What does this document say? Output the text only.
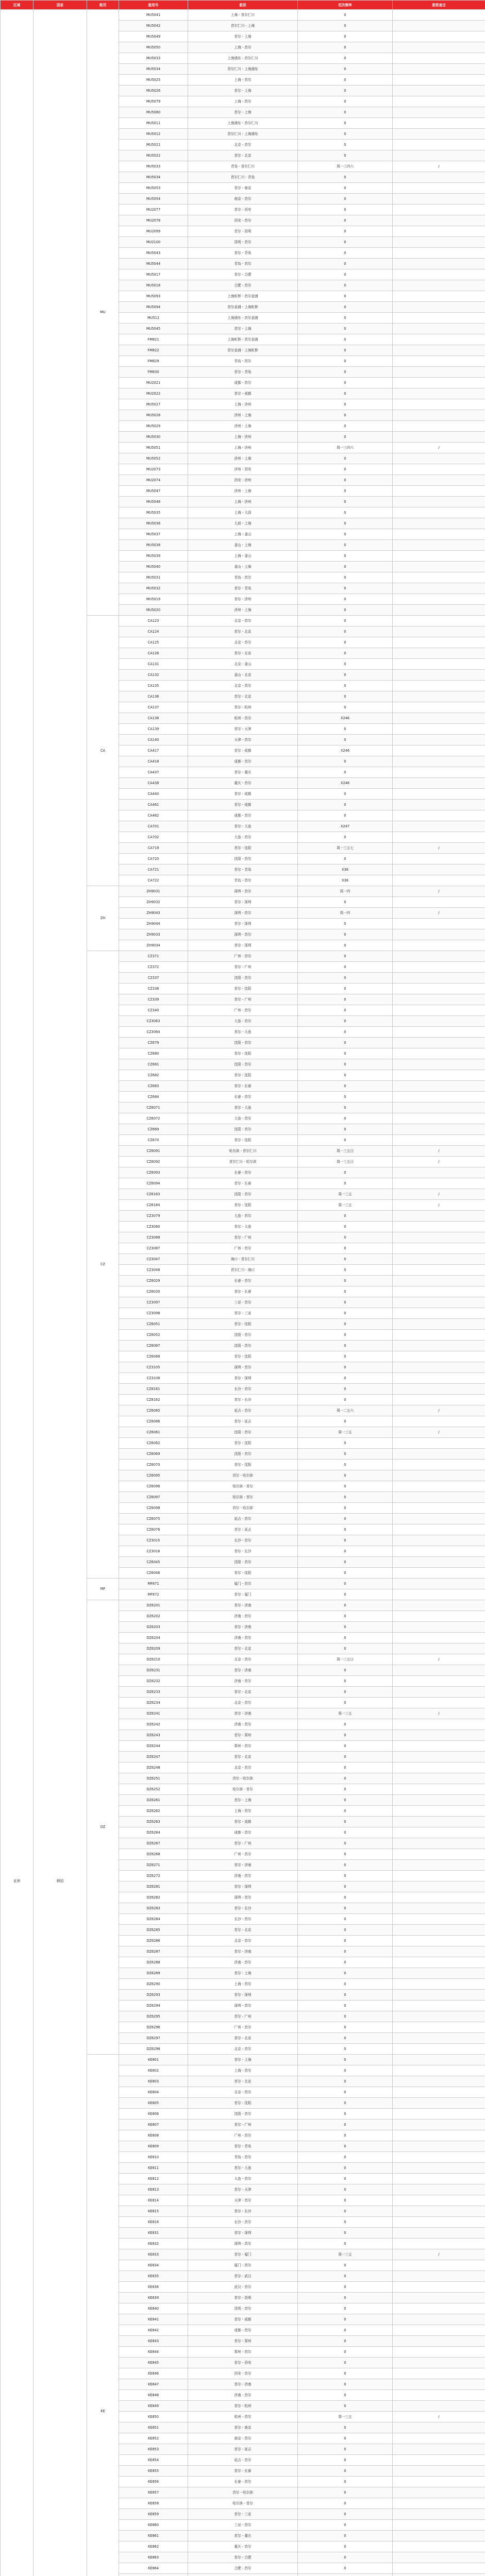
区域	国家	航司	航班号	航段	班次频率	航班备注
亚洲	韩国	MU	MU5041	上海 - 首尔仁川	0	
			MU5042	首尔仁川 - 上海	0	
			MU5049	首尔 - 上海	0	
			MU5050	上海 - 首尔	0	
			MU5033	上海浦东 - 首尔仁川	0	
			MU5034	首尔仁川 - 上海浦东	0	
			MU5025	上海 - 首尔	0	
			MU5026	首尔 - 上海	0	
			MU5079	上海 - 首尔	0	
			MU5080	首尔 - 上海	0	
			MU5011	上海浦东 - 首尔仁川	0	
			MU5012	首尔仁川 - 上海浦东	0	
			MU5021	北京 - 首尔	0	
			MU5022	首尔 - 北京	0	
			MU5033	青岛 - 首尔仁川	周一三四六	/
			MU5034	首尔仁川 - 青岛	0	
			MU5053	首尔 - 南京	0	
			MU5054	南京 - 首尔	0	
			MU2077	首尔 - 西安	0	
			MU2078	西安 - 首尔	0	
			MU2099	首尔 - 昆明	0	
			MU2100	昆明 - 首尔	0	
			MU5043	首尔 - 青岛	0	
			MU5044	青岛 - 首尔	0	
			MU5017	首尔 - 合肥	0	
			MU5018	合肥 - 首尔	0	
			MU5093	上海虹桥 - 首尔金浦	0	
			MU5094	首尔金浦 - 上海虹桥	0	
			MU512	上海浦东 - 首尔金浦	0	
			MU5045	首尔 - 上海	0	
			FM821	上海虹桥 - 首尔金浦	0	
			FM822	首尔金浦 - 上海虹桥	0	
			FM829	青岛 - 首尔	0	
			FM830	首尔 - 青岛	0	
			MU2021	成都 - 首尔	0	
			MU2022	首尔 - 成都	0	
			MU5027	上海 - 济州	0	
			MU5028	济州 - 上海	0	
			MU5029	济州 - 上海	0	
			MU5030	上海 - 济州	0	
			MU5051	上海 - 济州	周一三四六	/
			MU5052	济州 - 上海	0	
			MU2073	济州 - 西安	0	
			MU2074	西安 - 济州	0	
			MU5047	济州 - 上海	0	
			MU5048	上海 - 济州	0	
			MU5035	上海 - 大邱	0	
			MU5036	大邱 - 上海	0	
			MU5037	上海 - 釜山	0	
			MU5038	釜山 - 上海	0	
			MU5039	上海 - 釜山	0	
			MU5040	釜山 - 上海	0	
			MU5031	青岛 - 首尔	0	
			MU5032	首尔 - 青岛	0	
			MU5019	首尔 - 济州	0	
			MU5020	济州 - 上海	0	
		CA	CA123	北京 - 首尔	0	
			CA124	首尔 - 北京	0	
			CA125	北京 - 首尔	0	
			CA126	首尔 - 北京	0	
			CA131	北京 - 釜山	0	
			CA132	釜山 - 北京	0	
			CA135	北京 - 首尔	0	
			CA136	首尔 - 北京	0	
			CA137	首尔 - 杭州	0	
			CA138	杭州 - 首尔	X246	
			CA139	首尔 - 天津	0	
			CA140	天津 - 首尔	0	
			CA417	首尔 - 成都	X246	
			CA418	成都 - 首尔	0	
			CA437	首尔 - 重庆	0	
			CA438	重庆 - 首尔	X246	
			CA440	首尔 - 成都	0	
			CA461	首尔 - 成都	0	
			CA462	成都 - 首尔	0	
			CA701	首尔 - 大连	X247	
			CA702	大连 - 首尔	0	
			CA719	首尔 - 沈阳	周一三五七	/
			CA720	沈阳 - 首尔	0	
			CA721	首尔 - 青岛	X36	
			CA722	青岛 - 首尔	X36	
		ZH	ZH9031	深圳 - 首尔	周一四	/
			ZH9032	首尔 - 深圳	0	
			ZH9043	深圳 - 首尔	周一四	/
			ZH9044	首尔 - 深圳	0	
			ZH9033	深圳 - 首尔	0	
			ZH9034	首尔 - 深圳	0	
		CZ	CZ371	广州 - 首尔	0	
			CZ372	首尔 - 广州	0	
			CZ337	沈阳 - 首尔	0	
			CZ338	首尔 - 沈阳	0	
			CZ339	首尔 - 广州	0	
			CZ340	广州 - 首尔	0	
			CZ3063	大连 - 首尔	0	
			CZ3064	首尔 - 大连	0	
			CZ679	沈阳 - 首尔	0	
			CZ680	首尔 - 沈阳	0	
			CZ681	沈阳 - 首尔	0	
			CZ682	首尔 - 沈阳	0	
			CZ683	首尔 - 长春	0	
			CZ684	长春 - 首尔	0	
			CZ6071	首尔 - 大连	0	
			CZ6072	大连 - 首尔	0	
			CZ669	沈阳 - 首尔	0	
			CZ670	首尔 - 沈阳	0	
			CZ6091	哈尔滨 - 首尔仁川	周一三五日	/
			CZ6092	首尔仁川 - 哈尔滨	周一三五日	/
			CZ6093	长春 - 首尔	0	
			CZ6094	首尔 - 长春	0	
			CZ6183	沈阳 - 首尔	周一三五	/
			CZ6184	首尔 - 沈阳	周一三五	/
			CZ3079	大连 - 首尔	0	
			CZ3080	首尔 - 大连	0	
			CZ3088	首尔 - 广州	0	
			CZ3087	广州 - 首尔	0	
			CZ3047	海口 - 首尔仁川	0	
			CZ3048	首尔仁川 - 海口	0	
			CZ6029	长春 - 首尔	0	
			CZ6030	首尔 - 长春	0	
			CZ3097	三亚 - 首尔	0	
			CZ3098	首尔 - 三亚	0	
			CZ6051	首尔 - 沈阳	0	
			CZ6052	沈阳 - 首尔	0	
			CZ6087	沈阳 - 首尔	0	
			CZ6088	首尔 - 沈阳	0	
			CZ3105	深圳 - 首尔	0	
			CZ3106	首尔 - 深圳	0	
			CZ8161	长沙 - 首尔	0	
			CZ8162	首尔 - 长沙	0	
			CZ6085	延吉 - 首尔	周一二五六	/
			CZ6086	首尔 - 延吉	0	
			CZ6061	沈阳 - 首尔	周一三五	/
			CZ6062	首尔 - 沈阳	0	
			CZ6069	沈阳 - 首尔	0	
			CZ6070	首尔 - 沈阳	0	
			CZ6095	首尔 - 哈尔滨	0	
			CZ6096	哈尔滨 - 首尔	0	
			CZ6097	哈尔滨 - 首尔	0	
			CZ6098	首尔 - 哈尔滨	0	
			CZ6075	延吉 - 首尔	0	
			CZ6076	首尔 - 延吉	0	
			CZ3015	长沙 - 首尔	0	
			CZ3016	首尔 - 长沙	0	
			CZ6045	沈阳 - 首尔	0	
			CZ6046	首尔 - 沈阳	0	
		MF	MF871	厦门 - 首尔	0	
			MF872	首尔 - 厦门	0	
		DZ	DZ6201	首尔 - 济南	0	
			DZ6202	济南 - 首尔	0	
			DZ6203	首尔 - 济南	0	
			DZ6204	济南 - 首尔	0	
			DZ6209	首尔 - 北京	0	
			DZ6210	北京 - 首尔	周一三五日	/
			DZ6231	首尔 - 济南	0	
			DZ6232	济南 - 首尔	0	
			DZ6233	首尔 - 北京	0	
			DZ6234	北京 - 首尔	0	
			DZ6241	首尔 - 济南	周一三五	/
			DZ6242	济南 - 首尔	0	
			DZ6243	首尔 - 郑州	0	
			DZ6244	郑州 - 首尔	0	
			DZ6247	首尔 - 北京	0	
			DZ6248	北京 - 首尔	0	
			DZ6251	首尔 - 哈尔滨	0	
			DZ6252	哈尔滨 - 首尔	0	
			DZ6261	首尔 - 上海	0	
			DZ6262	上海 - 首尔	0	
			DZ6263	首尔 - 成都	0	
			DZ6264	成都 - 首尔	0	
			DZ6267	首尔 - 广州	0	
			DZ6268	广州 - 首尔	0	
			DZ6271	首尔 - 济南	0	
			DZ6272	济南 - 首尔	0	
			DZ6281	首尔 - 深圳	0	
			DZ6282	深圳 - 首尔	0	
			DZ6283	首尔 - 长沙	0	
			DZ6284	长沙 - 首尔	0	
			DZ6285	首尔 - 北京	0	
			DZ6286	北京 - 首尔	0	
			DZ6287	首尔 - 济南	0	
			DZ6288	济南 - 首尔	0	
			DZ6289	首尔 - 上海	0	
			DZ6290	上海 - 首尔	0	
			DZ6293	首尔 - 深圳	0	
			DZ6294	深圳 - 首尔	0	
			DZ6295	首尔 - 广州	0	
			DZ6296	广州 - 首尔	0	
			DZ6297	首尔 - 北京	0	
			DZ6298	北京 - 首尔	0	
		KE	KE801	首尔 - 上海	0	
			KE802	上海 - 首尔	0	
			KE803	首尔 - 北京	0	
			KE804	北京 - 首尔	0	
			KE805	首尔 - 沈阳	0	
			KE806	沈阳 - 首尔	0	
			KE807	首尔 - 广州	0	
			KE808	广州 - 首尔	0	
			KE809	首尔 - 青岛	0	
			KE810	青岛 - 首尔	0	
			KE811	首尔 - 大连	0	
			KE812	大连 - 首尔	0	
			KE813	首尔 - 天津	0	
			KE814	天津 - 首尔	0	
			KE815	首尔 - 长沙	0	
			KE816	长沙 - 首尔	0	
			KE831	首尔 - 深圳	0	
			KE832	深圳 - 首尔	0	
			KE833	首尔 - 厦门	周一三五	/
			KE834	厦门 - 首尔	0	
			KE835	首尔 - 武汉	0	
			KE836	武汉 - 首尔	0	
			KE839	首尔 - 昆明	0	
			KE840	昆明 - 首尔	0	
			KE841	首尔 - 成都	0	
			KE842	成都 - 首尔	0	
			KE843	首尔 - 郑州	0	
			KE844	郑州 - 首尔	0	
			KE845	首尔 - 西安	0	
			KE846	西安 - 首尔	0	
			KE847	首尔 - 济南	0	
			KE848	济南 - 首尔	0	
			KE849	首尔 - 杭州	0	
			KE850	杭州 - 首尔	周一三五	/
			KE851	首尔 - 南京	0	
			KE852	南京 - 首尔	0	
			KE853	首尔 - 延吉	0	
			KE854	延吉 - 首尔	0	
			KE855	首尔 - 长春	0	
			KE856	长春 - 首尔	0	
			KE857	首尔 - 哈尔滨	0	
			KE858	哈尔滨 - 首尔	0	
			KE859	首尔 - 三亚	0	
			KE860	三亚 - 首尔	0	
			KE861	首尔 - 重庆	0	
			KE862	重庆 - 首尔	0	
			KE863	首尔 - 合肥	0	
			KE864	合肥 - 首尔	0	
